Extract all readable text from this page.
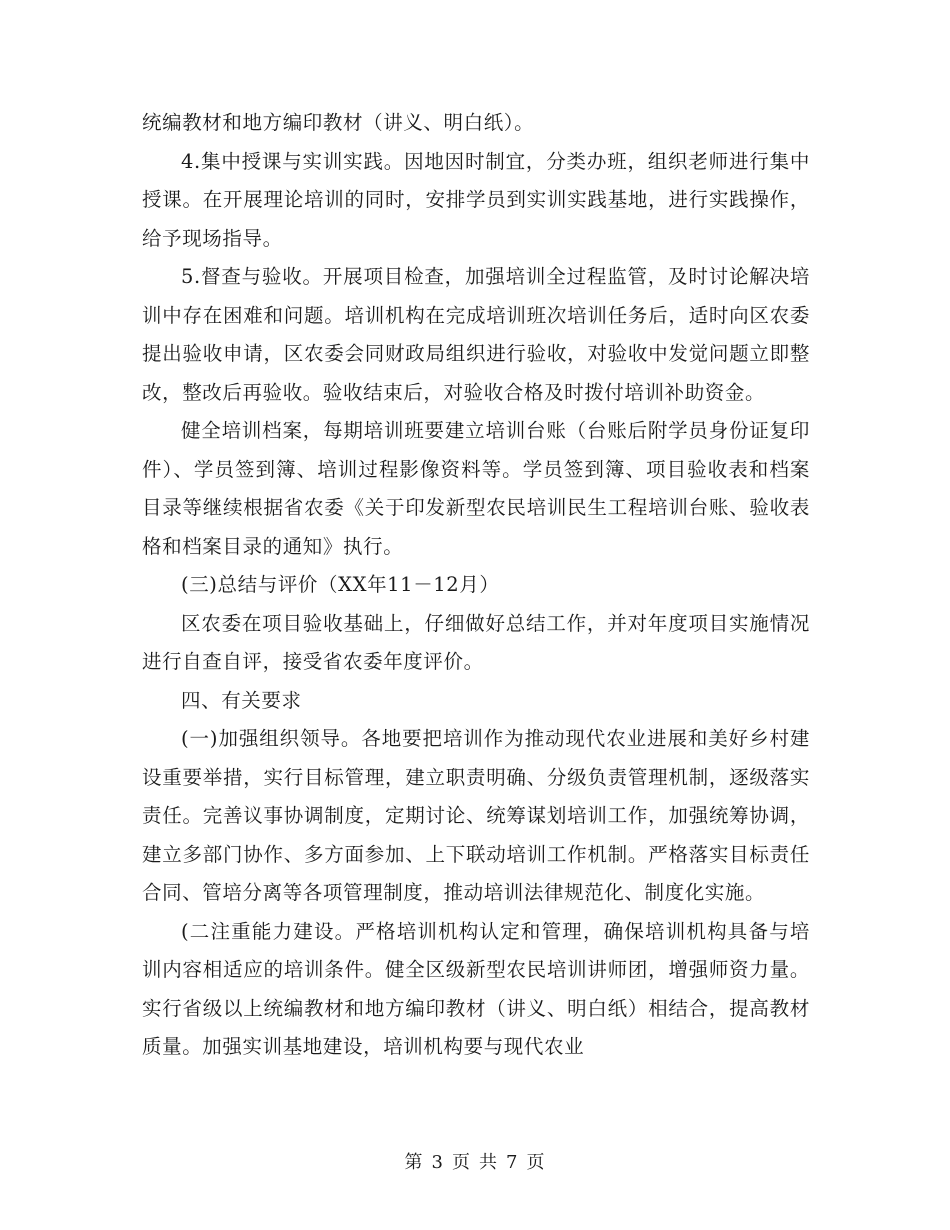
统编教材和地方编印教材（讲义、明白纸）。

4.集中授课与实训实践。因地因时制宜，分类办班，组织老师进行集中授课。在开展理论培训的同时，安排学员到实训实践基地，进行实践操作，给予现场指导。

5.督查与验收。开展项目检查，加强培训全过程监管，及时讨论解决培训中存在困难和问题。培训机构在完成培训班次培训任务后，适时向区农委提出验收申请，区农委会同财政局组织进行验收，对验收中发觉问题立即整改，整改后再验收。验收结束后，对验收合格及时拨付培训补助资金。

健全培训档案，每期培训班要建立培训台账（台账后附学员身份证复印件）、学员签到簿、培训过程影像资料等。学员签到簿、项目验收表和档案目录等继续根据省农委《关于印发新型农民培训民生工程培训台账、验收表格和档案目录的通知》执行。

(三)总结与评价（XX年11－12月）

区农委在项目验收基础上，仔细做好总结工作，并对年度项目实施情况进行自查自评，接受省农委年度评价。

四、有关要求

(一)加强组织领导。各地要把培训作为推动现代农业进展和美好乡村建设重要举措，实行目标管理，建立职责明确、分级负责管理机制，逐级落实责任。完善议事协调制度，定期讨论、统筹谋划培训工作，加强统筹协调，建立多部门协作、多方面参加、上下联动培训工作机制。严格落实目标责任合同、管培分离等各项管理制度，推动培训法律规范化、制度化实施。

(二注重能力建设。严格培训机构认定和管理，确保培训机构具备与培训内容相适应的培训条件。健全区级新型农民培训讲师团，增强师资力量。实行省级以上统编教材和地方编印教材（讲义、明白纸）相结合，提高教材质量。加强实训基地建设，培训机构要与现代农业

第 3 页 共 7 页
